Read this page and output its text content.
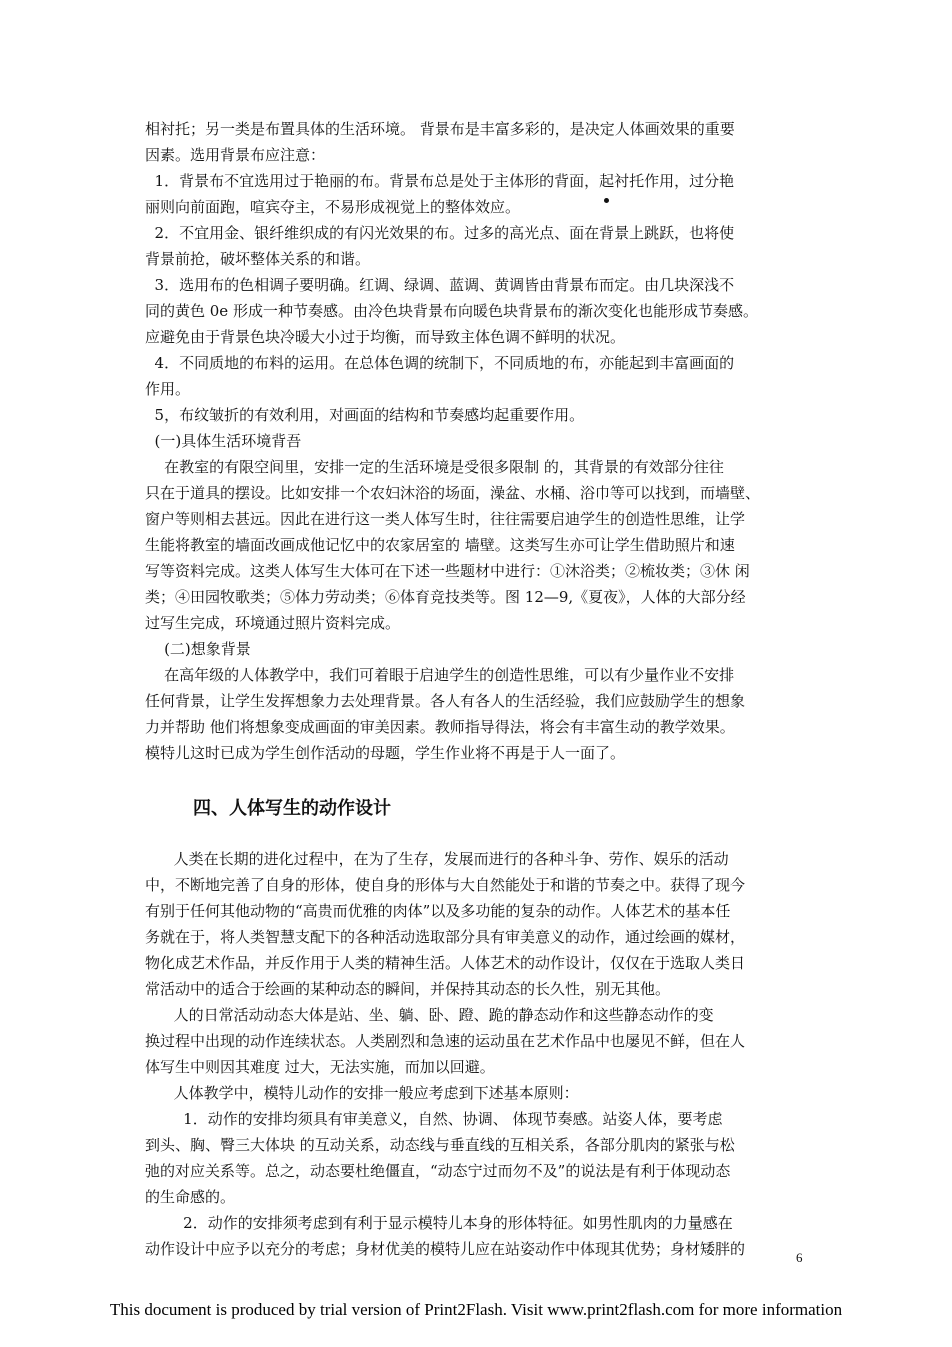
相衬托；另一类是布置具体的生活环境。 背景布是丰富多彩的，是决定人体画效果的重要
因素。选用背景布应注意：
1．背景布不宜选用过于艳丽的布。背景布总是处于主体形的背面，起衬托作用，过分艳
丽则向前面跑，喧宾夺主，不易形成视觉上的整体效应。
2．不宜用金、银纤维织成的有闪光效果的布。过多的高光点、面在背景上跳跃，也将使
背景前抢，破坏整体关系的和谐。
3．选用布的色相调子要明确。红调、绿调、蓝调、黄调皆由背景布而定。由几块深浅不
同的黄色 0e 形成一种节奏感。由冷色块背景布向暖色块背景布的渐次变化也能形成节奏感。
应避免由于背景色块冷暖大小过于均衡，而导致主体色调不鲜明的状况。
4．不同质地的布料的运用。在总体色调的统制下，不同质地的布，亦能起到丰富画面的
作用。
5，布纹皱折的有效利用，对画面的结构和节奏感均起重要作用。
(一)具体生活环境背吾
在教室的有限空间里，安排一定的生活环境是受很多限制 的，其背景的有效部分往往
只在于道具的摆设。比如安排一个农妇沐浴的场面，澡盆、水桶、浴巾等可以找到，而墙壁、
窗户等则相去甚远。因此在进行这一类人体写生时，往往需要启迪学生的创造性思维，让学
生能将教室的墙面改画成他记忆中的农家居室的 墙壁。这类写生亦可让学生借助照片和速
写等资料完成。这类人体写生大体可在下述一些题材中进行：①沐浴类；②梳妆类；③休 闲
类；④田园牧歌类；⑤体力劳动类；⑥体育竞技类等。图 12—9,《夏夜》，人体的大部分经
过写生完成，环境通过照片资料完成。
(二)想象背景
在高年级的人体教学中，我们可着眼于启迪学生的创造性思维，可以有少量作业不安排
任何背景，让学生发挥想象力去处理背景。各人有各人的生活经验，我们应鼓励学生的想象
力并帮助 他们将想象变成画面的审美因素。教师指导得法，将会有丰富生动的教学效果。
模特儿这时已成为学生创作活动的母题，学生作业将不再是于人一面了。
四、人体写生的动作设计
人类在长期的进化过程中，在为了生存，发展而进行的各种斗争、劳作、娱乐的活动
中，不断地完善了自身的形体，使自身的形体与大自然能处于和谐的节奏之中。获得了现今
有别于任何其他动物的“高贵而优雅的肉体”以及多功能的复杂的动作。人体艺术的基本任
务就在于，将人类智慧支配下的各种活动选取部分具有审美意义的动作，通过绘画的媒材，
物化成艺术作品，并反作用于人类的精神生活。人体艺术的动作设计，仅仅在于选取人类日
常活动中的适合于绘画的某种动态的瞬间，并保持其动态的长久性，别无其他。
人的日常活动动态大体是站、坐、躺、卧、蹬、跪的静态动作和这些静态动作的变
换过程中出现的动作连续状态。人类剧烈和急速的运动虽在艺术作品中也屡见不鲜，但在人
体写生中则因其难度 过大，无法实施，而加以回避。
人体教学中，模特儿动作的安排一般应考虑到下述基本原则：
1．动作的安排均须具有审美意义，自然、协调、 体现节奏感。站姿人体，要考虑
到头、胸、臀三大体块 的互动关系，动态线与垂直线的互相关系，各部分肌肉的紧张与松
弛的对应关系等。总之，动态要杜绝僵直，“动态宁过而勿不及”的说法是有利于体现动态
的生命感的。
2．动作的安排须考虑到有利于显示模特儿本身的形体特征。如男性肌肉的力量感在
动作设计中应予以充分的考虑；身材优美的模特儿应在站姿动作中体现其优势；身材矮胖的	6
This document is produced by trial version of Print2Flash. Visit www.print2flash.com for more information
